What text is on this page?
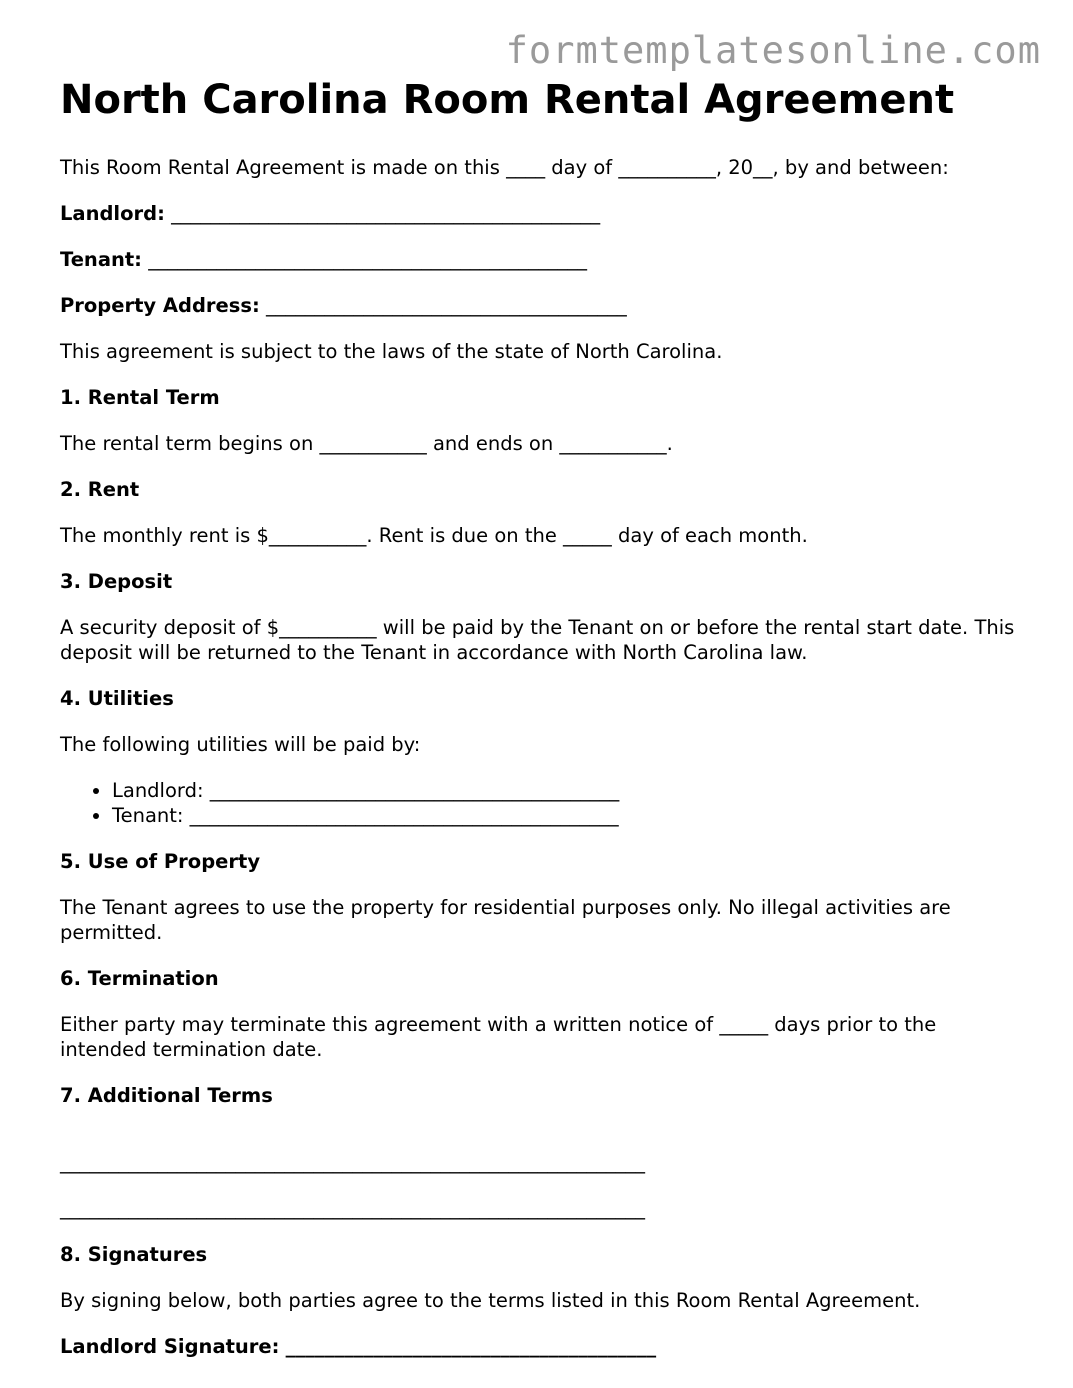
formtemplatesonline.com
North Carolina Room Rental Agreement

This Room Rental Agreement is made on this ____ day of __________, 20__, by and between:

Landlord: ____________________________________________

Tenant: _____________________________________________

Property Address: _____________________________________

This agreement is subject to the laws of the state of North Carolina.

1. Rental Term

The rental term begins on ___________ and ends on ___________.

2. Rent

The monthly rent is $__________. Rent is due on the _____ day of each month.

3. Deposit

A security deposit of $__________ will be paid by the Tenant on or before the rental start date. This deposit will be returned to the Tenant in accordance with North Carolina law.

4. Utilities

The following utilities will be paid by:

• Landlord: __________________________________________
• Tenant: ____________________________________________
5. Use of Property

The Tenant agrees to use the property for residential purposes only. No illegal activities are permitted.

6. Termination

Either party may terminate this agreement with a written notice of _____ days prior to the intended termination date.

7. Additional Terms
____________________________________________________________
____________________________________________________________
8. Signatures

By signing below, both parties agree to the terms listed in this Room Rental Agreement.

Landlord Signature: ______________________________________
